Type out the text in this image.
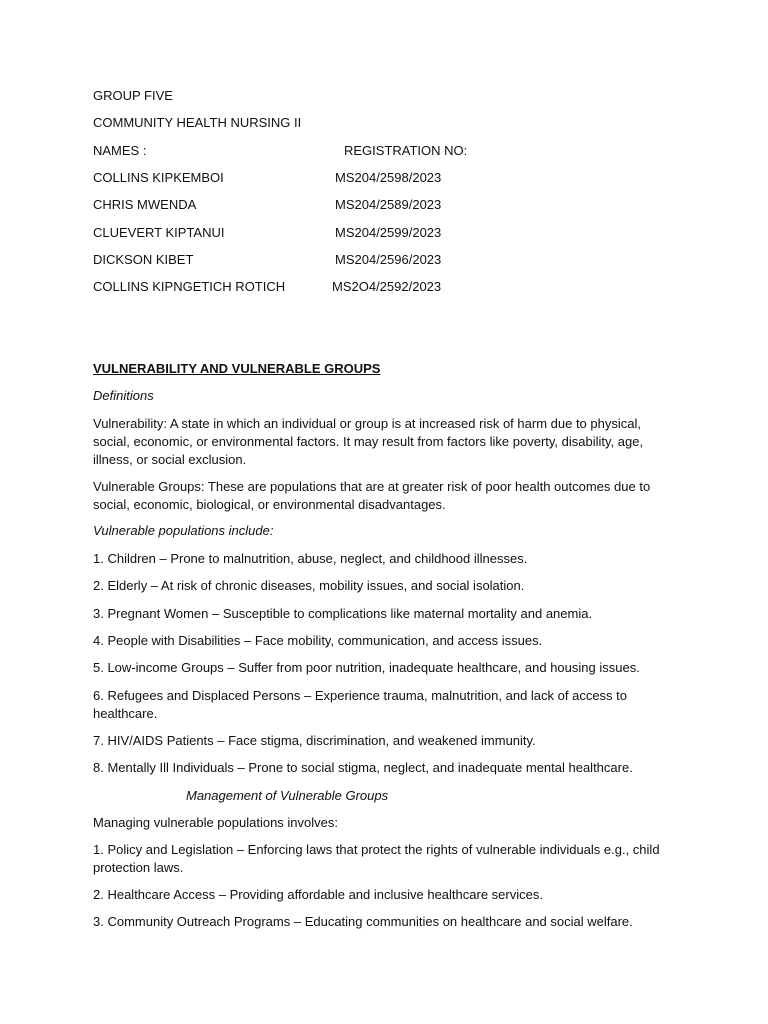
GROUP FIVE
COMMUNITY HEALTH NURSING II
NAMES :	REGISTRATION NO:
COLLINS KIPKEMBOI	MS204/2598/2023
CHRIS MWENDA	MS204/2589/2023
CLUEVERT KIPTANUI	MS204/2599/2023
DICKSON KIBET	MS204/2596/2023
COLLINS KIPNGETICH ROTICH	MS2O4/2592/2023
VULNERABILITY AND VULNERABLE GROUPS
Definitions
Vulnerability: A state in which an individual or group is at increased risk of harm due to physical, social, economic, or environmental factors. It may result from factors like poverty, disability, age, illness, or social exclusion.
Vulnerable Groups: These are populations that are at greater risk of poor health outcomes due to social, economic, biological, or environmental disadvantages.
Vulnerable populations include:
1. Children – Prone to malnutrition, abuse, neglect, and childhood illnesses.
2. Elderly – At risk of chronic diseases, mobility issues, and social isolation.
3. Pregnant Women – Susceptible to complications like maternal mortality and anemia.
4. People with Disabilities – Face mobility, communication, and access issues.
5. Low-income Groups – Suffer from poor nutrition, inadequate healthcare, and housing issues.
6. Refugees and Displaced Persons – Experience trauma, malnutrition, and lack of access to healthcare.
7. HIV/AIDS Patients – Face stigma, discrimination, and weakened immunity.
8. Mentally Ill Individuals – Prone to social stigma, neglect, and inadequate mental healthcare.
Management of Vulnerable Groups
Managing vulnerable populations involves:
1. Policy and Legislation – Enforcing laws that protect the rights of vulnerable individuals e.g., child protection laws.
2. Healthcare Access – Providing affordable and inclusive healthcare services.
3. Community Outreach Programs – Educating communities on healthcare and social welfare.
